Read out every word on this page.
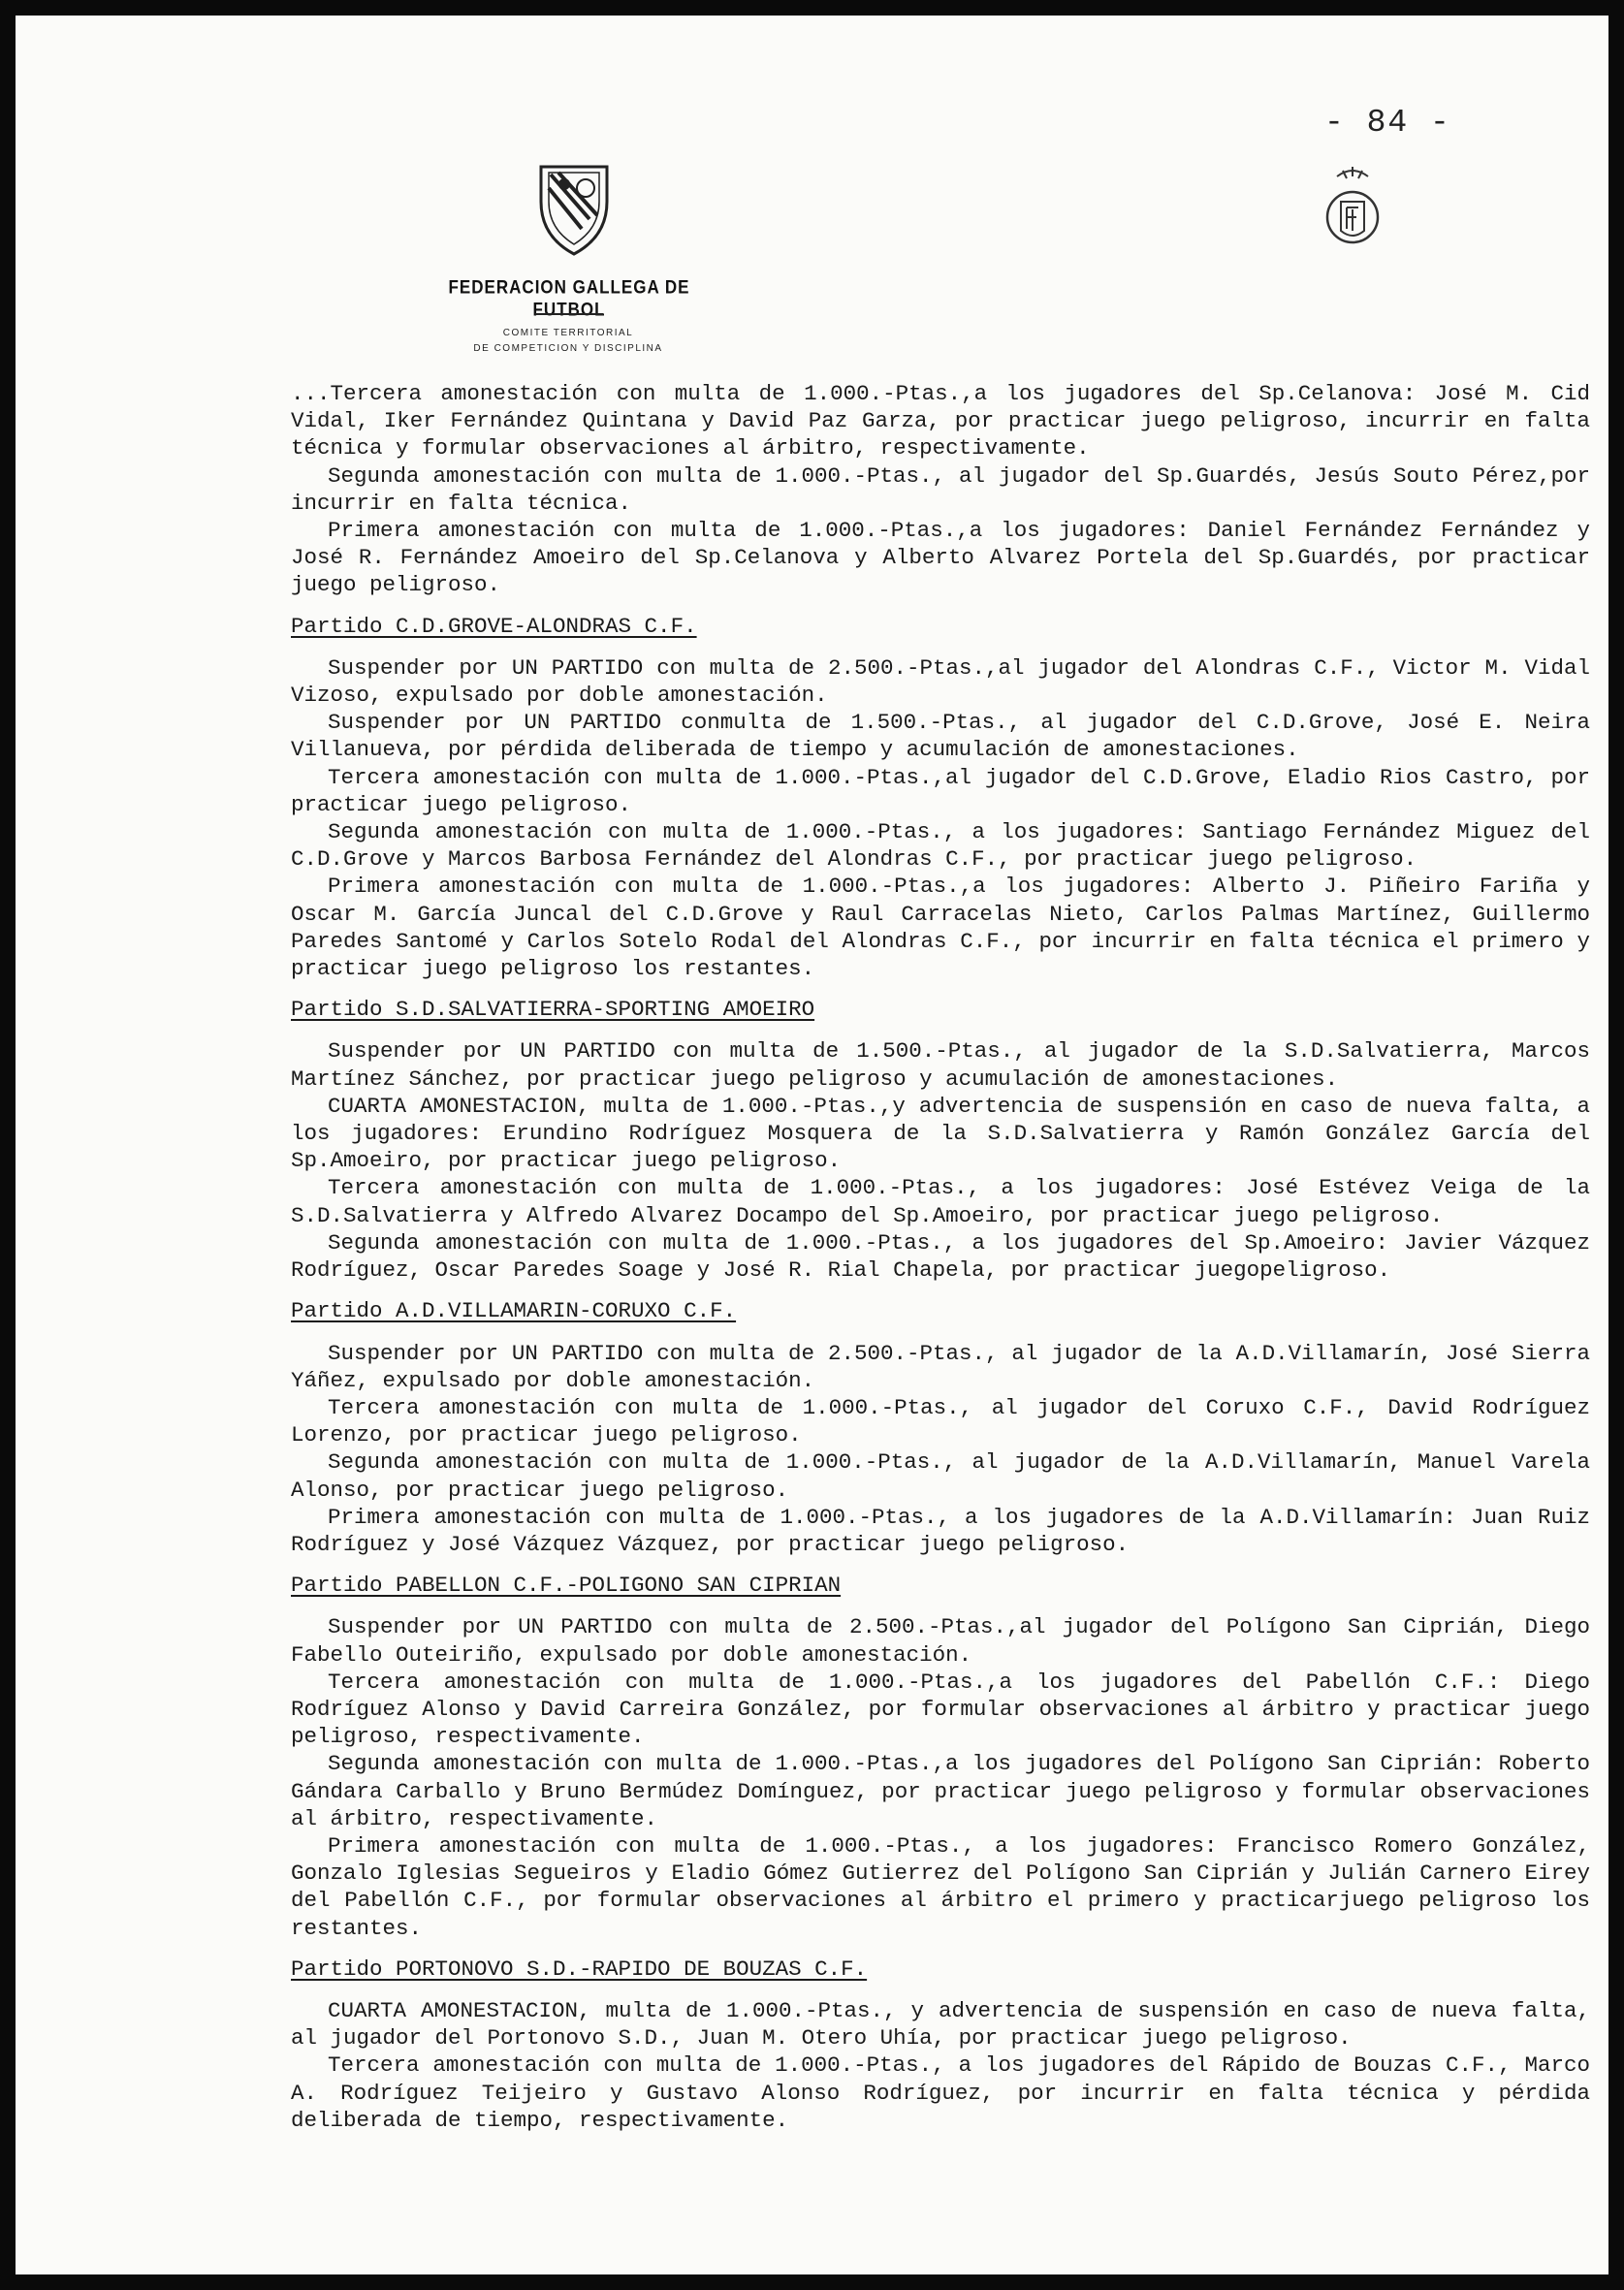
- 84 -
FEDERACION GALLEGA DE FUTBOL
COMITE TERRITORIAL
DE COMPETICION Y DISCIPLINA

...Tercera amonestación con multa de 1.000.-Ptas.,a los jugadores del Sp.Celanova: José M. Cid Vidal, Iker Fernández Quintana y David Paz Garza, por practicar juego peligroso, incurrir en falta técnica y formular observaciones al árbitro, respectivamente.

Segunda amonestación con multa de 1.000.-Ptas., al jugador del Sp.Guardés, Jesús Souto Pérez,por incurrir en falta técnica.

Primera amonestación con multa de 1.000.-Ptas.,a los jugadores: Daniel Fernández Fernández y José R. Fernández Amoeiro del Sp.Celanova y Alberto Alvarez Portela del Sp.Guardés, por practicar juego peligroso.

Partido C.D.GROVE-ALONDRAS C.F.

Suspender por UN PARTIDO con multa de 2.500.-Ptas.,al jugador del Alondras C.F., Victor M. Vidal Vizoso, expulsado por doble amonestación.

Suspender por UN PARTIDO conmulta de 1.500.-Ptas., al jugador del C.D.Grove, José E. Neira Villanueva, por pérdida deliberada de tiempo y acumulación de amonestaciones.

Tercera amonestación con multa de 1.000.-Ptas.,al jugador del C.D.Grove, Eladio Rios Castro, por practicar juego peligroso.

Segunda amonestación con multa de 1.000.-Ptas., a los jugadores: Santiago Fernández Miguez del C.D.Grove y Marcos Barbosa Fernández del Alondras C.F., por practicar juego peligroso.

Primera amonestación con multa de 1.000.-Ptas.,a los jugadores: Alberto J. Piñeiro Fariña y Oscar M. García Juncal del C.D.Grove y Raul Carracelas Nieto, Carlos Palmas Martínez, Guillermo Paredes Santomé y Carlos Sotelo Rodal del Alondras C.F., por incurrir en falta técnica el primero y practicar juego peligroso los restantes.

Partido S.D.SALVATIERRA-SPORTING AMOEIRO

Suspender por UN PARTIDO con multa de 1.500.-Ptas., al jugador de la S.D.Salvatierra, Marcos Martínez Sánchez, por practicar juego peligroso y acumulación de amonestaciones.

CUARTA AMONESTACION, multa de 1.000.-Ptas.,y advertencia de suspensión en caso de nueva falta, a los jugadores: Erundino Rodríguez Mosquera de la S.D.Salvatierra y Ramón González García del Sp.Amoeiro, por practicar juego peligroso.

Tercera amonestación con multa de 1.000.-Ptas., a los jugadores: José Estévez Veiga de la S.D.Salvatierra y Alfredo Alvarez Docampo del Sp.Amoeiro, por practicar juego peligroso.

Segunda amonestación con multa de 1.000.-Ptas., a los jugadores del Sp.Amoeiro: Javier Vázquez Rodríguez, Oscar Paredes Soage y José R. Rial Chapela, por practicar juegopeligroso.

Partido A.D.VILLAMARIN-CORUXO C.F.

Suspender por UN PARTIDO con multa de 2.500.-Ptas., al jugador de la A.D.Villamarín, José Sierra Yáñez, expulsado por doble amonestación.

Tercera amonestación con multa de 1.000.-Ptas., al jugador del Coruxo C.F., David Rodríguez Lorenzo, por practicar juego peligroso.

Segunda amonestación con multa de 1.000.-Ptas., al jugador de la A.D.Villamarín, Manuel Varela Alonso, por practicar juego peligroso.

Primera amonestación con multa de 1.000.-Ptas., a los jugadores de la A.D.Villamarín: Juan Ruiz Rodríguez y José Vázquez Vázquez, por practicar juego peligroso.

Partido PABELLON C.F.-POLIGONO SAN CIPRIAN

Suspender por UN PARTIDO con multa de 2.500.-Ptas.,al jugador del Polígono San Ciprián, Diego Fabello Outeiriño, expulsado por doble amonestación.

Tercera amonestación con multa de 1.000.-Ptas.,a los jugadores del Pabellón C.F.: Diego Rodríguez Alonso y David Carreira González, por formular observaciones al árbitro y practicar juego peligroso, respectivamente.

Segunda amonestación con multa de 1.000.-Ptas.,a los jugadores del Polígono San Ciprián: Roberto Gándara Carballo y Bruno Bermúdez Domínguez, por practicar juego peligroso y formular observaciones al árbitro, respectivamente.

Primera amonestación con multa de 1.000.-Ptas., a los jugadores: Francisco Romero González, Gonzalo Iglesias Segueiros y Eladio Gómez Gutierrez del Polígono San Ciprián y Julián Carnero Eirey del Pabellón C.F., por formular observaciones al árbitro el primero y practicarjuego peligroso los restantes.

Partido PORTONOVO S.D.-RAPIDO DE BOUZAS C.F.

CUARTA AMONESTACION, multa de 1.000.-Ptas., y advertencia de suspensión en caso de nueva falta, al jugador del Portonovo S.D., Juan M. Otero Uhía, por practicar juego peligroso.

Tercera amonestación con multa de 1.000.-Ptas., a los jugadores del Rápido de Bouzas C.F., Marco A. Rodríguez Teijeiro y Gustavo Alonso Rodríguez, por incurrir en falta técnica y pérdida deliberada de tiempo, respectivamente.
